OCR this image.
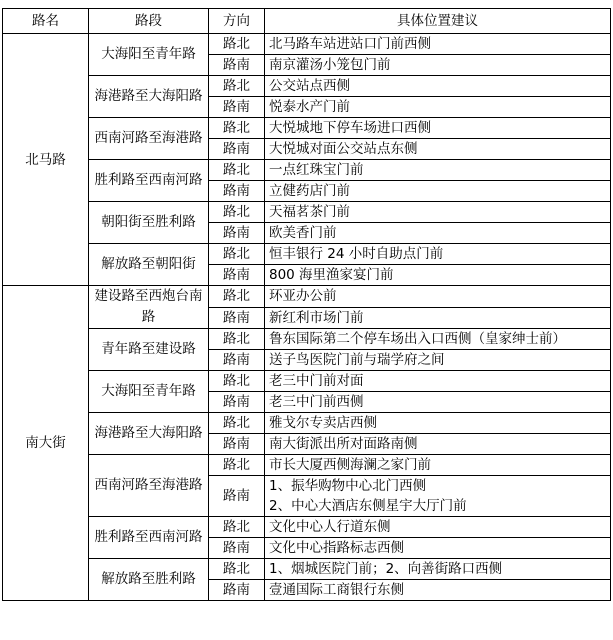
路名	路段	方向	具体位置建议
北马路	大海阳至青年路	路北	北马路车站进站口门前西侧

		路南	南京灌汤小笼包门前

	海港路至大海阳路	路北	公交站点西侧

		路南	悦泰水产门前

	西南河路至海港路	路北	大悦城地下停车场进口西侧

		路南	大悦城对面公交站点东侧

	胜利路至西南河路	路北	一点红珠宝门前

		路南	立健药店门前

	朝阳街至胜利路	路北	天福茗茶门前

		路南	欧美香门前

	解放路至朝阳街	路北	恒丰银行 24 小时自助点门前

		路南	800 海里渔家宴门前

南大街	建设路至西炮台南路	路北	环亚办公前

		路南	新红利市场门前

	青年路至建设路	路北	鲁东国际第二个停车场出入口西侧（皇家绅士前）

		路南	送子鸟医院门前与瑞学府之间

	大海阳至青年路	路北	老三中门前对面

		路南	老三中门前西侧

	海港路至大海阳路	路北	雅戈尔专卖店西侧

		路南	南大街派出所对面路南侧

	西南河路至海港路	路北	市长大厦西侧海澜之家门前

		路南	1、振华购物中心北门西侧
2、中心大酒店东侧星宇大厅门前

	胜利路至西南河路	路北	文化中心人行道东侧

		路南	文化中心指路标志西侧

	解放路至胜利路	路北	1、烟城医院门前；2、向善街路口西侧

		路南	壹通国际工商银行东侧
